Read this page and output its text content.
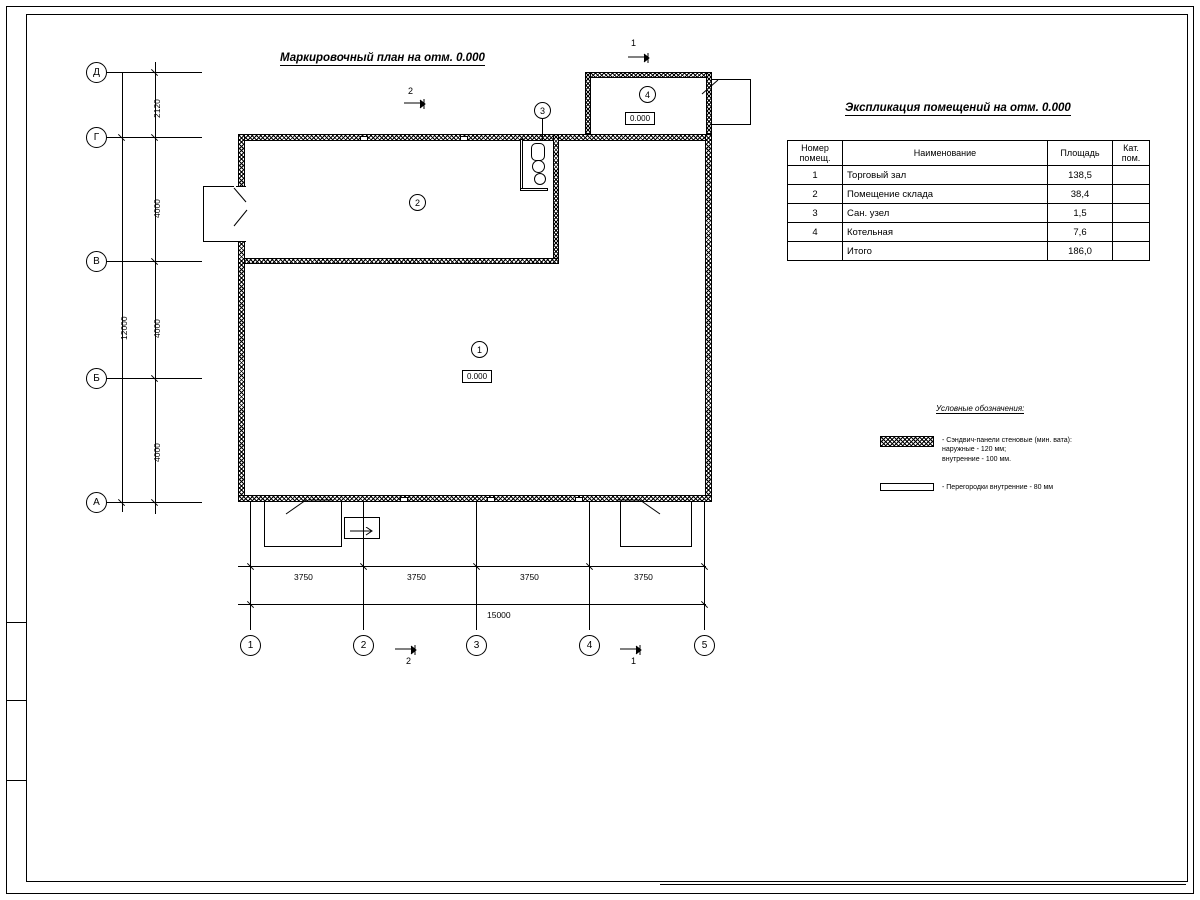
Маркировочный план на отм. 0.000
Экспликация помещений на отм. 0.000
1
0.000
2
3
4
0.000
Д
Г
В
Б
А
2120
4000
4000
4000
12000
1	2	3	4	5
3750	3750	3750	3750
15000
1
2
2	1
Номер
помещ.	Наименование	Площадь	Кат.
пом.
1	Торговый зал	138,5	
2	Помещение склада	38,4	
3	Сан. узел	1,5	
4	Котельная	7,6	
	Итого	186,0	
Условные обозначения:
- Сэндвич-панели стеновые (мин. вата):
наружные - 120 мм;
внутренние - 100 мм.
- Перегородки внутренние - 80 мм
